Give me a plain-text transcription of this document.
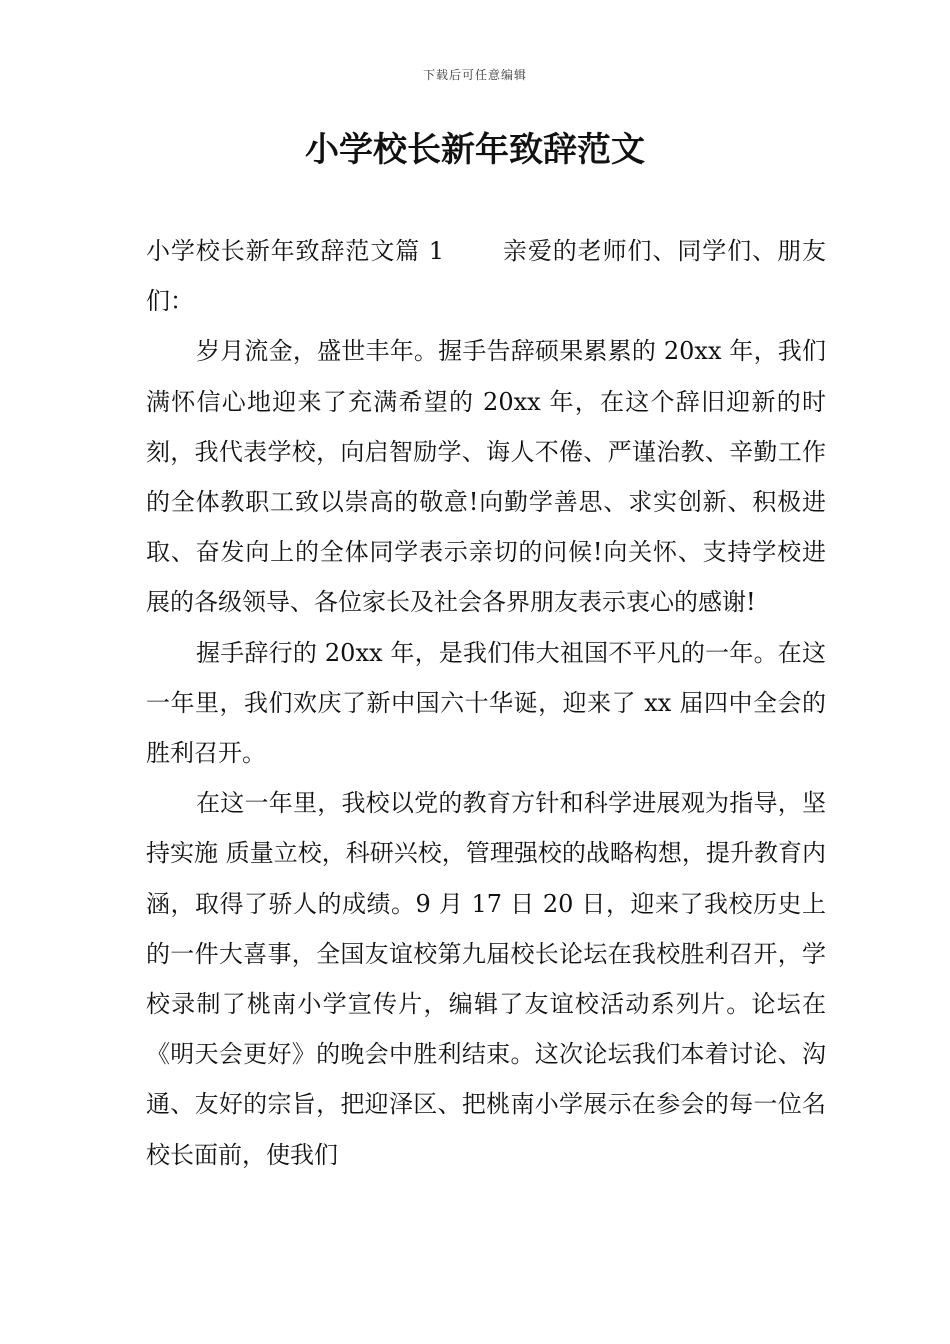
下载后可任意编辑
小学校长新年致辞范文

小学校长新年致辞范文篇 1 亲爱的老师们、同学们、朋友们：

岁月流金，盛世丰年。握手告辞硕果累累的 20xx 年，我们满怀信心地迎来了充满希望的 20xx 年，在这个辞旧迎新的时刻，我代表学校，向启智励学、诲人不倦、严谨治教、辛勤工作的全体教职工致以崇高的敬意!向勤学善思、求实创新、积极进取、奋发向上的全体同学表示亲切的问候!向关怀、支持学校进展的各级领导、各位家长及社会各界朋友表示衷心的感谢!

握手辞行的 20xx 年，是我们伟大祖国不平凡的一年。在这一年里，我们欢庆了新中国六十华诞，迎来了 xx 届四中全会的胜利召开。

在这一年里，我校以党的教育方针和科学进展观为指导，坚持实施 质量立校，科研兴校，管理强校的战略构想，提升教育内涵，取得了骄人的成绩。9 月 17 日 20 日，迎来了我校历史上的一件大喜事，全国友谊校第九届校长论坛在我校胜利召开，学校录制了桃南小学宣传片，编辑了友谊校活动系列片。论坛在《明天会更好》的晚会中胜利结束。这次论坛我们本着讨论、沟通、友好的宗旨，把迎泽区、把桃南小学展示在参会的每一位名校长面前，使我们
